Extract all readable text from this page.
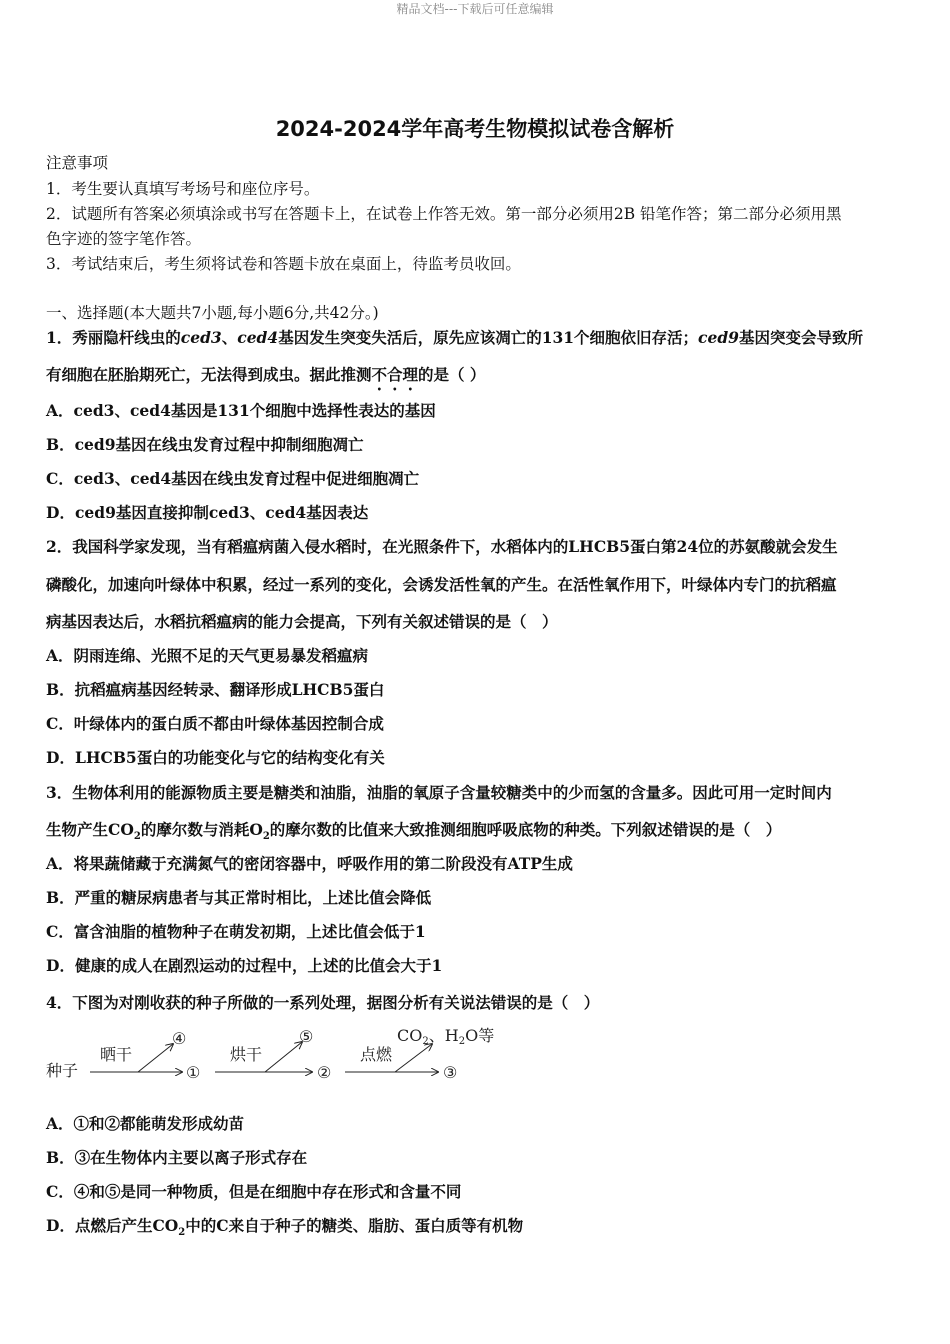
精品文档---下载后可任意编辑
2024-2024学年高考生物模拟试卷含解析
注意事项
1．考生要认真填写考场号和座位序号。
2．试题所有答案必须填涂或书写在答题卡上，在试卷上作答无效。第一部分必须用2B 铅笔作答；第二部分必须用黑
色字迹的签字笔作答。
3．考试结束后，考生须将试卷和答题卡放在桌面上，待监考员收回。
一、选择题(本大题共7小题,每小题6分,共42分。)
1．秀丽隐杆线虫的ced3、ced4基因发生突变失活后，原先应该凋亡的131个细胞依旧存活；ced9基因突变会导致所
有细胞在胚胎期死亡，无法得到成虫。据此推测不合理的是（ ）
A．ced3、ced4基因是131个细胞中选择性表达的基因
B．ced9基因在线虫发育过程中抑制细胞凋亡
C．ced3、ced4基因在线虫发育过程中促进细胞凋亡
D．ced9基因直接抑制ced3、ced4基因表达
2．我国科学家发现，当有稻瘟病菌入侵水稻时，在光照条件下，水稻体内的LHCB5蛋白第24位的苏氨酸就会发生
磷酸化，加速向叶绿体中积累，经过一系列的变化，会诱发活性氧的产生。在活性氧作用下，叶绿体内专门的抗稻瘟
病基因表达后，水稻抗稻瘟病的能力会提高，下列有关叙述错误的是（　）
A．阴雨连绵、光照不足的天气更易暴发稻瘟病
B．抗稻瘟病基因经转录、翻译形成LHCB5蛋白
C．叶绿体内的蛋白质不都由叶绿体基因控制合成
D．LHCB5蛋白的功能变化与它的结构变化有关
3．生物体利用的能源物质主要是糖类和油脂，油脂的氧原子含量较糖类中的少而氢的含量多。因此可用一定时间内
生物产生$CO_2$的摩尔数与消耗$O_2$的摩尔数的比值来大致推测细胞呼吸底物的种类。下列叙述错误的是（　）
A．将果蔬储藏于充满氮气的密闭容器中，呼吸作用的第二阶段没有ATP生成
B．严重的糖尿病患者与其正常时相比，上述比值会降低
C．富含油脂的植物种子在萌发初期，上述比值会低于1
D．健康的成人在剧烈运动的过程中，上述的比值会大于1
4．下图为对刚收获的种子所做的一系列处理，据图分析有关说法错误的是（　）
种子
晒干
④
①
烘干
⑤
②
点燃
CO2、H2O等
③
A．①和②都能萌发形成幼苗
B．③在生物体内主要以离子形式存在
C．④和⑤是同一种物质，但是在细胞中存在形式和含量不同
D．点燃后产生$CO_2$中的C来自于种子的糖类、脂肪、蛋白质等有机物
